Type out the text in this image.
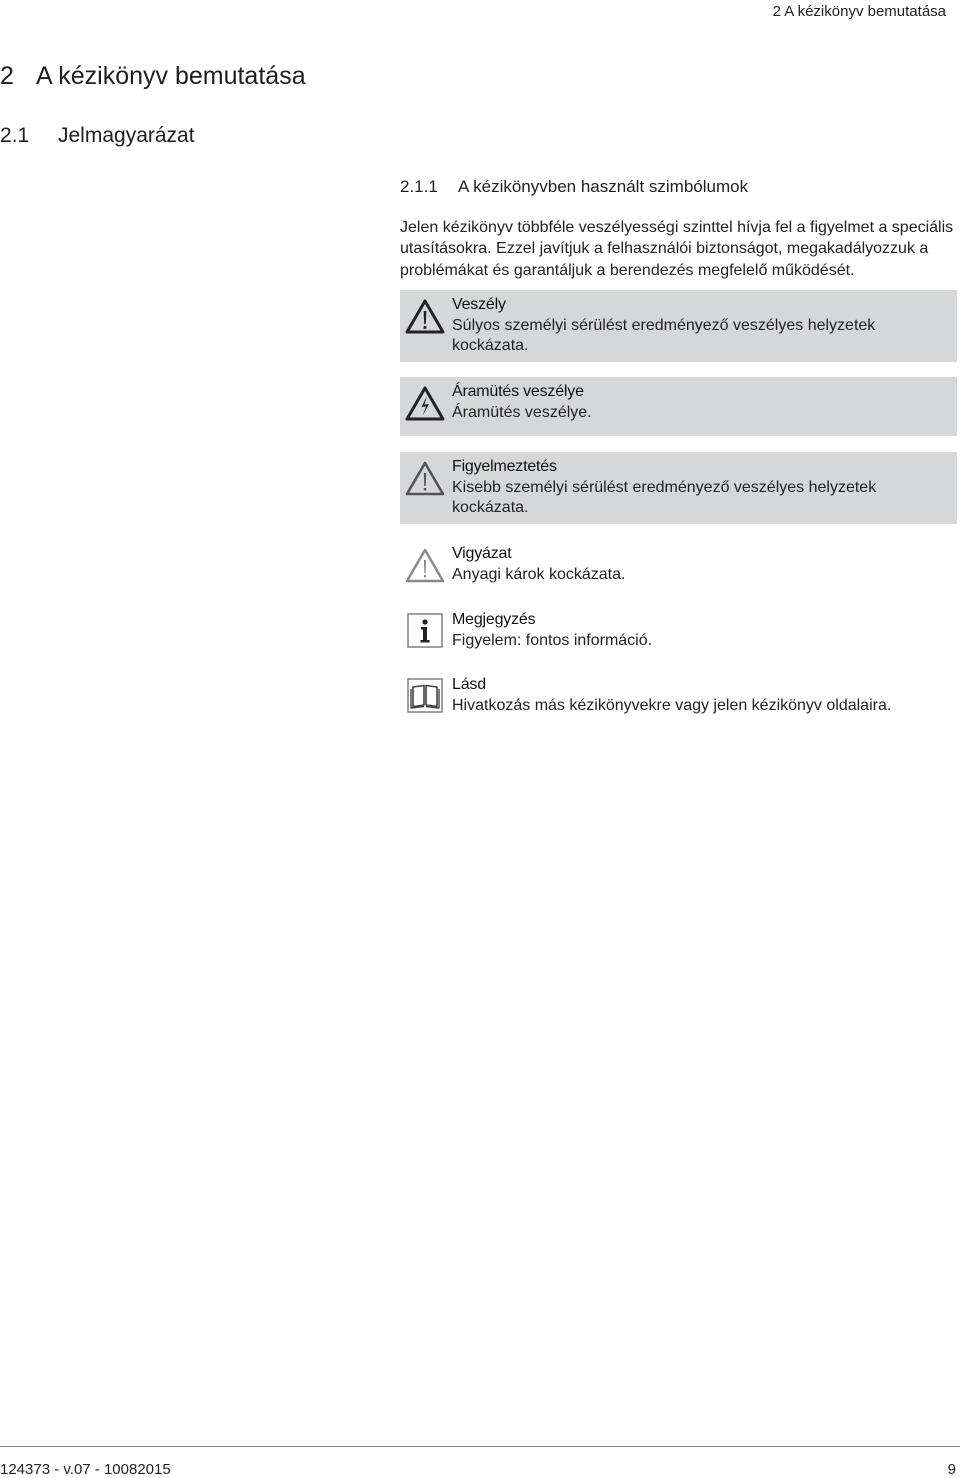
2 A kézikönyv bemutatása
2 A kézikönyv bemutatása
2.1 Jelmagyarázat
2.1.1 A kézikönyvben használt szimbólumok

Jelen kézikönyv többféle veszélyességi szinttel hívja fel a figyelmet a speciális utasításokra. Ezzel javítjuk a felhasználói biztonságot, megakadályozzuk a problémákat és garantáljuk a berendezés megfelelő működését.

Veszély
Súlyos személyi sérülést eredményező veszélyes helyzetek kockázata.
Áramütés veszélye
Áramütés veszélye.
Figyelmeztetés
Kisebb személyi sérülést eredményező veszélyes helyzetek kockázata.
Vigyázat
Anyagi károk kockázata.
Megjegyzés
Figyelem: fontos információ.
Lásd
Hivatkozás más kézikönyvekre vagy jelen kézikönyv oldalaira.
124373 - v.07 - 10082015	9
